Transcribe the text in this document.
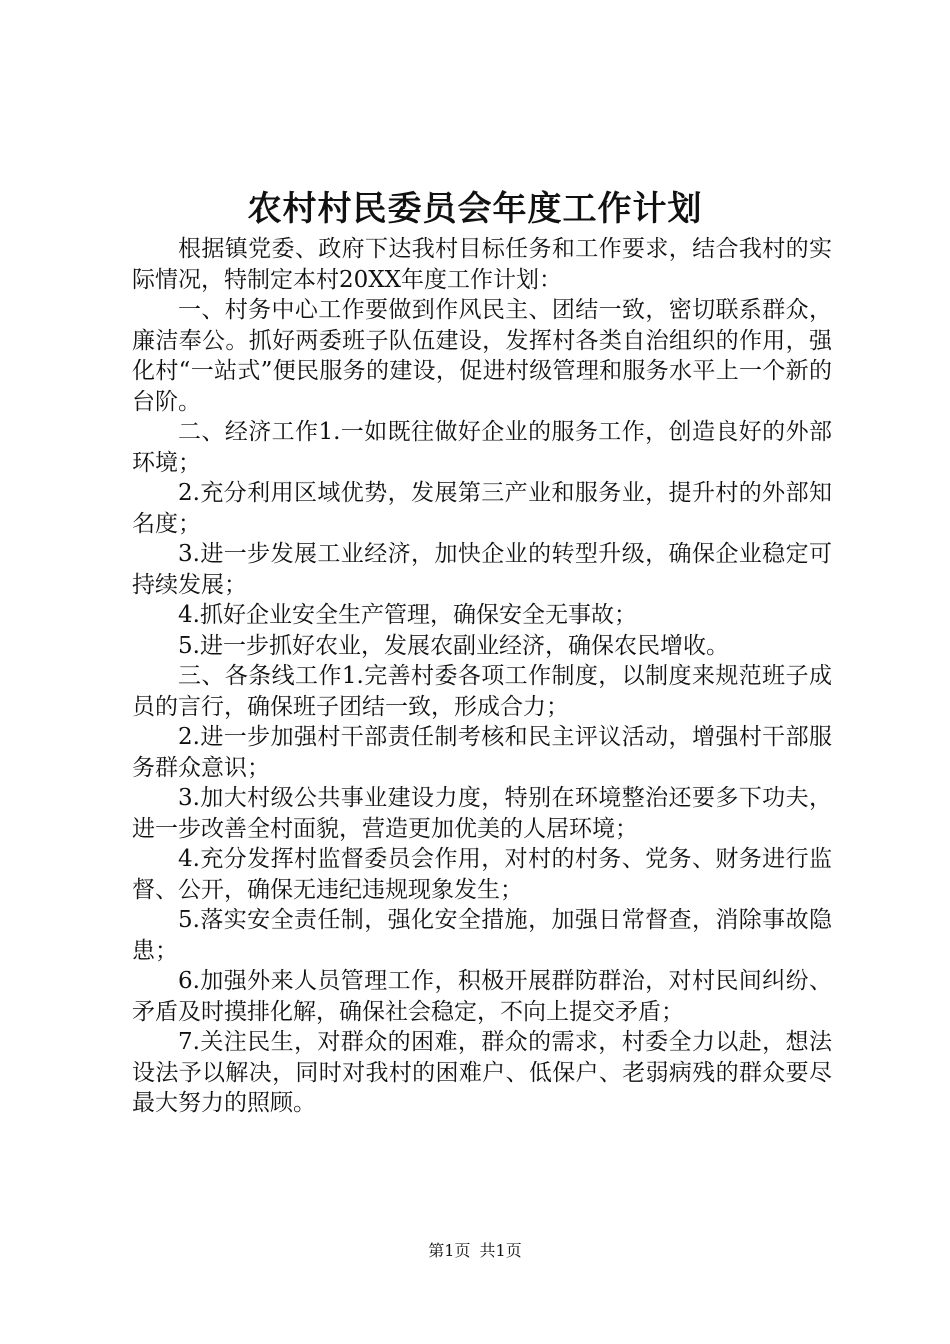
农村村民委员会年度工作计划

根据镇党委、政府下达我村目标任务和工作要求，结合我村的实际情况，特制定本村20XX年度工作计划：

一、村务中心工作要做到作风民主、团结一致，密切联系群众，廉洁奉公。抓好两委班子队伍建设，发挥村各类自治组织的作用，强化村“一站式”便民服务的建设，促进村级管理和服务水平上一个新的台阶。

二、经济工作1.一如既往做好企业的服务工作，创造良好的外部环境；

2.充分利用区域优势，发展第三产业和服务业，提升村的外部知名度；

3.进一步发展工业经济，加快企业的转型升级，确保企业稳定可持续发展；

4.抓好企业安全生产管理，确保安全无事故；

5.进一步抓好农业，发展农副业经济，确保农民增收。

三、各条线工作1.完善村委各项工作制度，以制度来规范班子成员的言行，确保班子团结一致，形成合力；

2.进一步加强村干部责任制考核和民主评议活动，增强村干部服务群众意识；

3.加大村级公共事业建设力度，特别在环境整治还要多下功夫，进一步改善全村面貌，营造更加优美的人居环境；

4.充分发挥村监督委员会作用，对村的村务、党务、财务进行监督、公开，确保无违纪违规现象发生；

5.落实安全责任制，强化安全措施，加强日常督查，消除事故隐患；

6.加强外来人员管理工作，积极开展群防群治，对村民间纠纷、矛盾及时摸排化解，确保社会稳定，不向上提交矛盾；

7.关注民生，对群众的困难，群众的需求，村委全力以赴，想法设法予以解决，同时对我村的困难户、低保户、老弱病残的群众要尽最大努力的照顾。

第1页 共1页
